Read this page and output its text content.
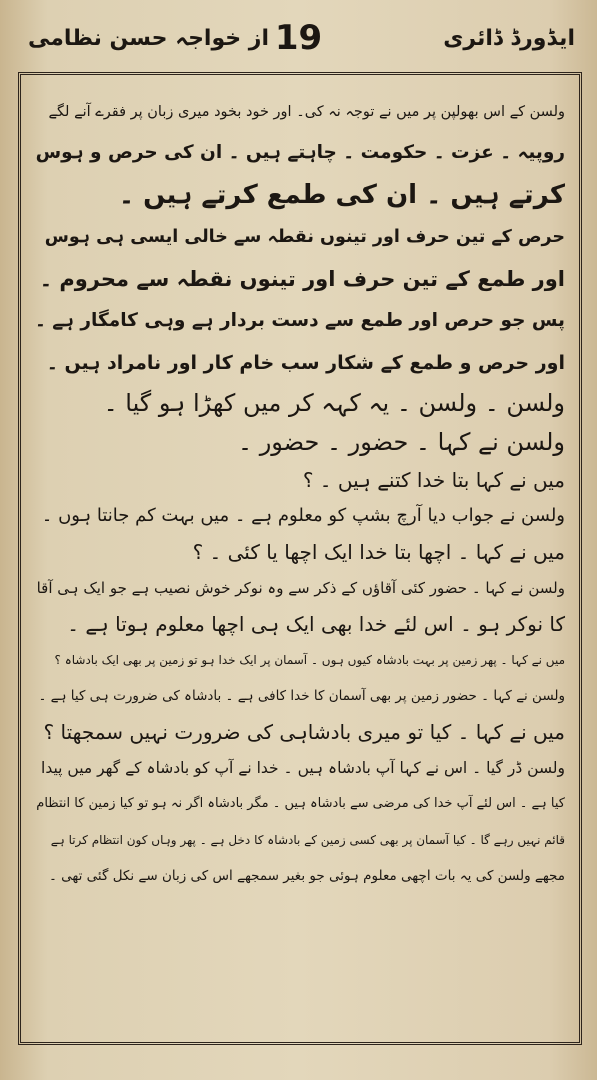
ایڈورڈ ڈائری
19
از خواجہ حسن نظامی
ولسن کے اس بھولپن پر میں نے توجہ نہ کی۔ اور خود بخود میری زبان پر فقرے آنے لگے
روپیہ ۔ عزت ۔ حکومت ۔ چاہتے ہیں ۔ ان کی حرص و ہوس
کرتے ہیں ۔ ان کی طمع کرتے ہیں ۔
حرص کے تین حرف اور تینوں نقطہ سے خالی ایسی ہی ہوس
اور طمع کے تین حرف اور تینوں نقطہ سے محروم ۔
پس جو حرص اور طمع سے دست بردار ہے وہی کامگار ہے ۔
اور حرص و طمع کے شکار سب خام کار اور نامراد ہیں ۔
ولسن ۔ ولسن ۔ یہ کہہ کر میں کھڑا ہو گیا ۔
ولسن نے کہا ۔ حضور ۔ حضور ۔
میں نے کہا بتا خدا کتنے ہیں ۔ ؟
ولسن نے جواب دیا آرچ بشپ کو معلوم ہے ۔ میں بہت کم جانتا ہوں ۔
میں نے کہا ۔ اچھا بتا خدا ایک اچھا یا کئی ۔ ؟
ولسن نے کہا ۔ حضور کئی آقاؤں کے ذکر سے وہ نوکر خوش نصیب ہے جو ایک ہی آقا
کا نوکر ہو ۔ اس لئے خدا بھی ایک ہی اچھا معلوم ہوتا ہے ۔
میں نے کہا ۔ پھر زمین پر بہت بادشاہ کیوں ہوں ۔ آسمان پر ایک خدا ہو تو زمین پر بھی ایک بادشاہ ؟
ولسن نے کہا ۔ حضور زمین پر بھی آسمان کا خدا کافی ہے ۔ بادشاہ کی ضرورت ہی کیا ہے ۔
میں نے کہا ۔ کیا تو میری بادشاہی کی ضرورت نہیں سمجھتا ؟
ولسن ڈر گیا ۔ اس نے کہا آپ بادشاہ ہیں ۔ خدا نے آپ کو بادشاہ کے گھر میں پیدا
کیا ہے ۔ اس لئے آپ خدا کی مرضی سے بادشاہ ہیں ۔ مگر بادشاہ اگر نہ ہو تو کیا زمین کا انتظام
قائم نہیں رہے گا ۔ کیا آسمان پر بھی کسی زمین کے بادشاہ کا دخل ہے ۔ پھر وہاں کون انتظام کرتا ہے
مجھے ولسن کی یہ بات اچھی معلوم ہوئی جو بغیر سمجھے اس کی زبان سے نکل گئی تھی ۔
